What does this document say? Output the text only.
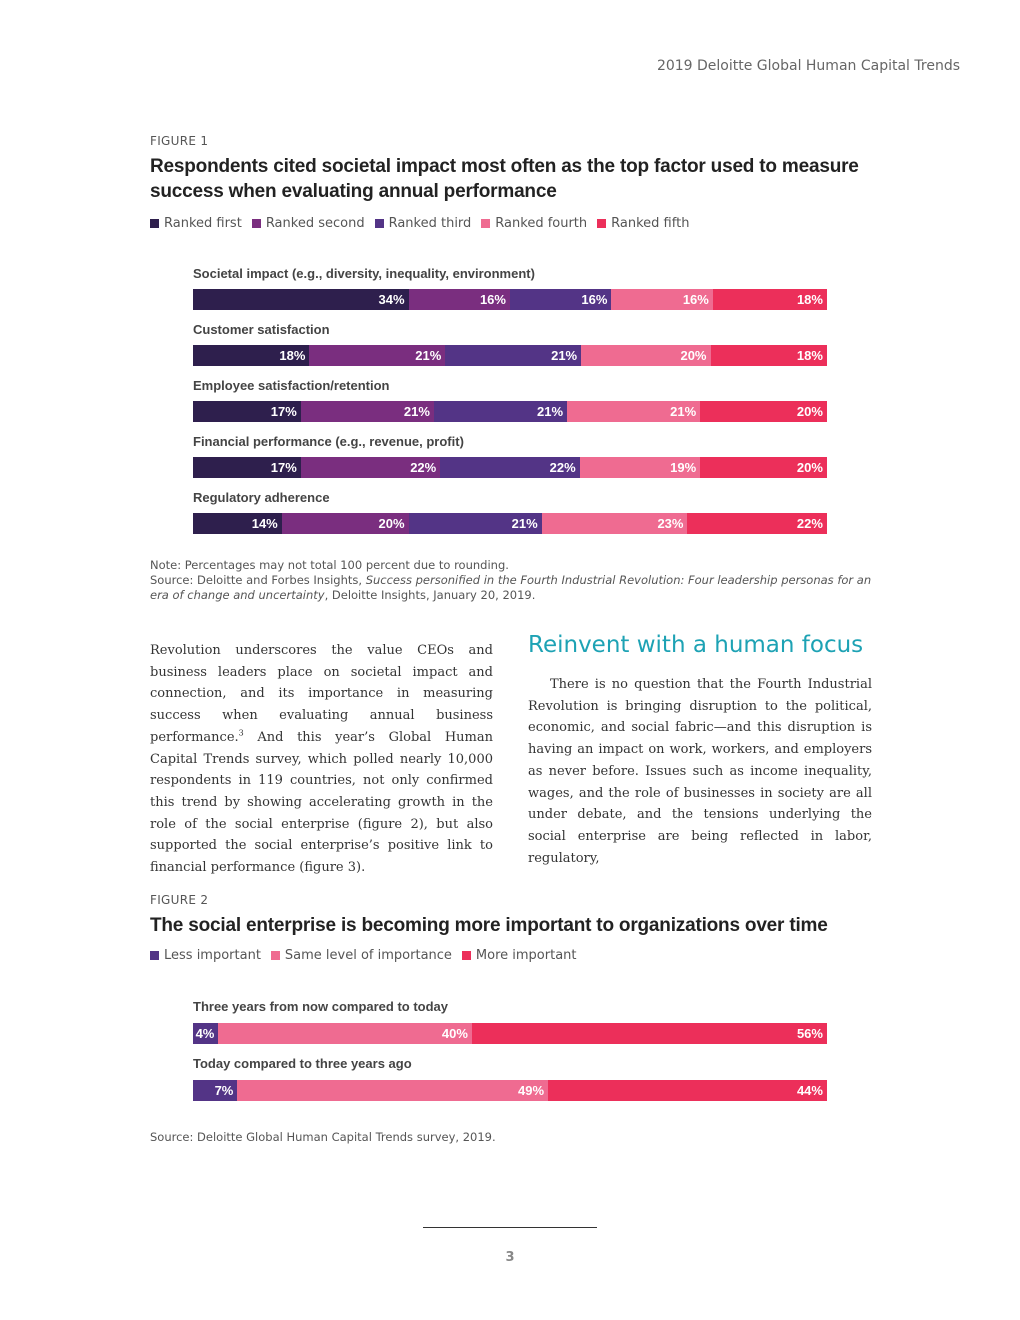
2019 Deloitte Global Human Capital Trends
FIGURE 1
Respondents cited societal impact most often as the top factor used to measure success when evaluating annual performance
Ranked first Ranked second Ranked third Ranked fourth Ranked fifth
Societal impact (e.g., diversity, inequality, environment)
34%	16%	16%	16%	18%
Customer satisfaction
18%	21%	21%	20%	18%
Employee satisfaction/retention
17%	21%	21%	21%	20%
Financial performance (e.g., revenue, profit)
17%	22%	22%	19%	20%
Regulatory adherence
14%	20%	21%	23%	22%
Note: Percentages may not total 100 percent due to rounding.
Source: Deloitte and Forbes Insights, Success personified in the Fourth Industrial Revolution: Four leadership personas for an era of change and uncertainty, Deloitte Insights, January 20, 2019.

Revolution underscores the value CEOs and business leaders place on societal impact and connection, and its importance in measuring success when evaluating annual business performance.$^3$ And this year’s Global Human Capital Trends survey, which polled nearly 10,000 respondents in 119 countries, not only confirmed this trend by showing accelerating growth in the role of the social enterprise (figure 2), but also supported the social enterprise’s positive link to financial performance (figure 3).

Reinvent with a human focus

There is no question that the Fourth Industrial Revolution is bringing disruption to the political, economic, and social fabric—and this disruption is having an impact on work, workers, and employers as never before. Issues such as income inequality, wages, and the role of businesses in society are all under debate, and the tensions underlying the social enterprise are being reflected in labor, regulatory,

FIGURE 2
The social enterprise is becoming more important to organizations over time
Less important Same level of importance More important
Three years from now compared to today
4%	40%	56%
Today compared to three years ago
7%	49%	44%
Source: Deloitte Global Human Capital Trends survey, 2019.
3
